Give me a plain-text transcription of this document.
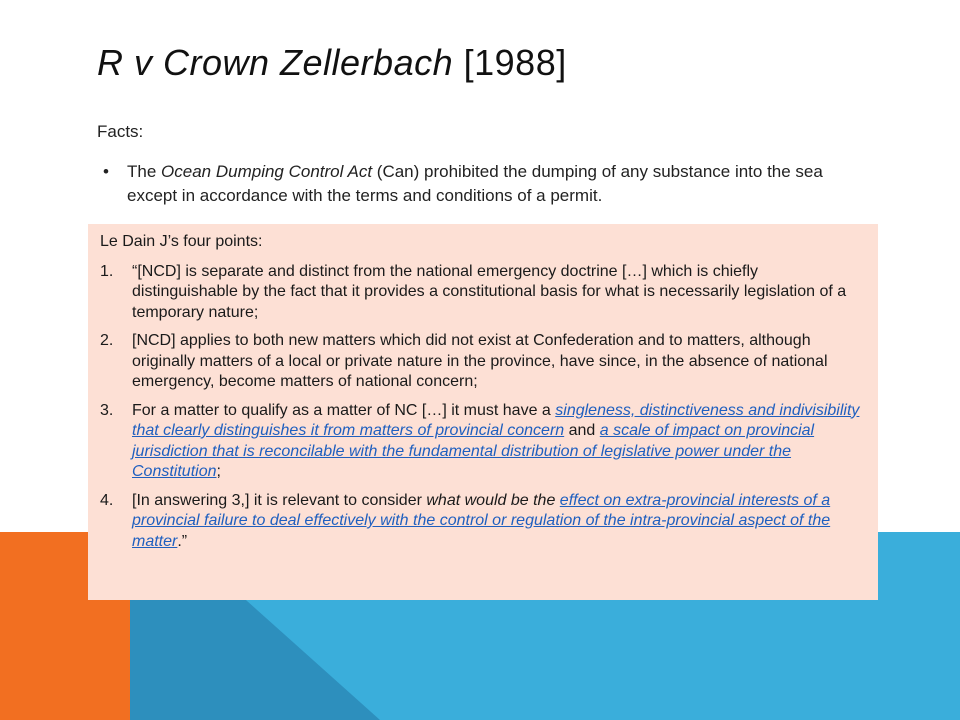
R v Crown Zellerbach [1988]
Facts:
• The Ocean Dumping Control Act (Can) prohibited the dumping of any substance into the sea except in accordance with the terms and conditions of a permit.
Le Dain J’s four points:
1. “[NCD] is separate and distinct from the national emergency doctrine […] which is chiefly distinguishable by the fact that it provides a constitutional basis for what is necessarily legislation of a temporary nature;
2. [NCD] applies to both new matters which did not exist at Confederation and to matters, although originally matters of a local or private nature in the province, have since, in the absence of national emergency, become matters of national concern;
3. For a matter to qualify as a matter of NC […] it must have a singleness, distinctiveness and indivisibility that clearly distinguishes it from matters of provincial concern and a scale of impact on provincial jurisdiction that is reconcilable with the fundamental distribution of legislative power under the Constitution;
4. [In answering 3,] it is relevant to consider what would be the effect on extra-provincial interests of a provincial failure to deal effectively with the control or regulation of the intra-provincial aspect of the matter.”
